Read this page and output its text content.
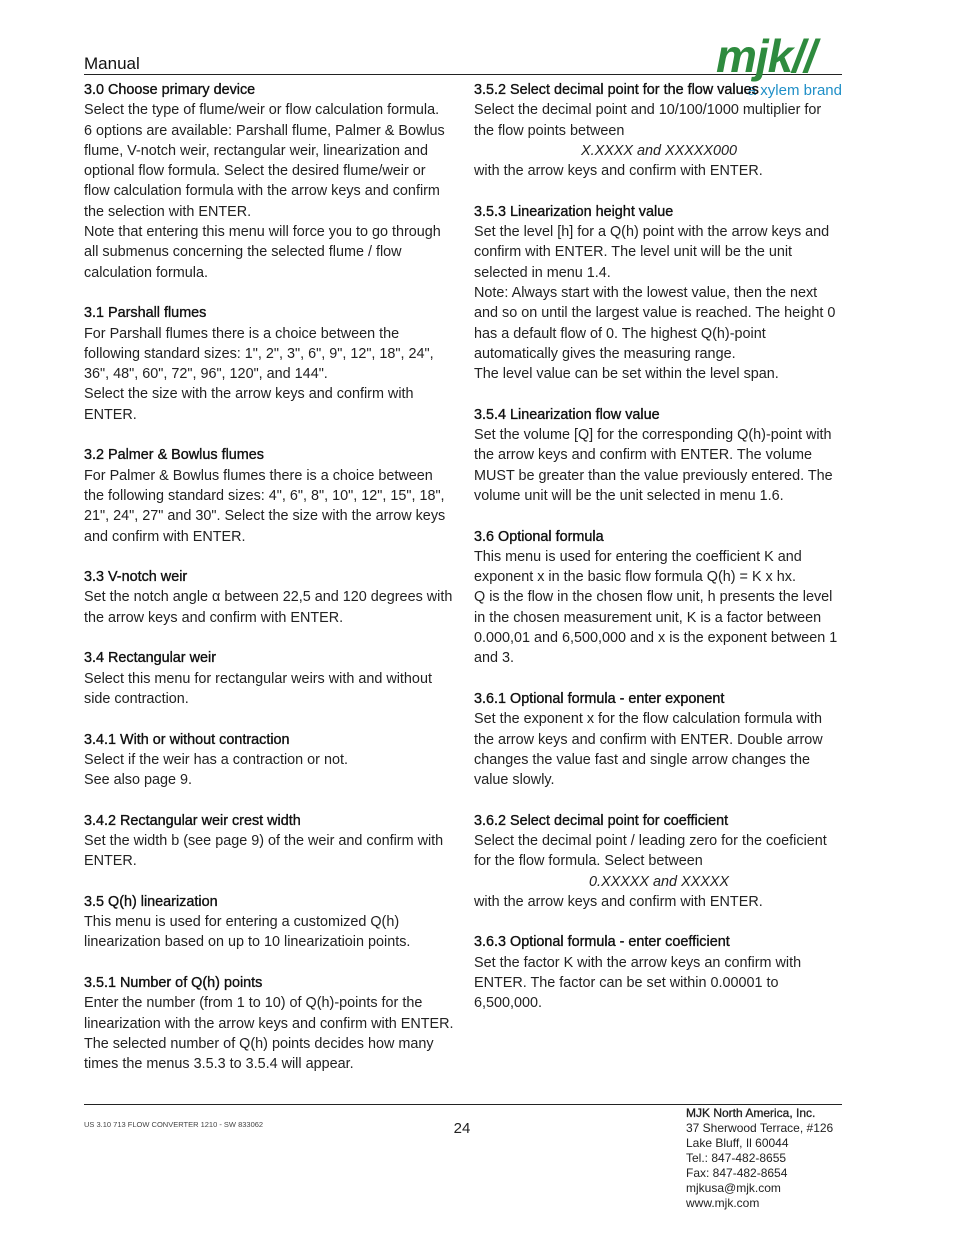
Manual	mjk//
a xylem brand
3.0 Choose primary device

Select the type of flume/weir or flow calculation formula.

6 options are available: Parshall flume, Palmer & Bowlus flume, V-notch weir, rectangular weir, linearization and optional flow formula. Select the desired flume/weir or flow calculation formula with the arrow keys and confirm the selection with ENTER.

Note that entering this menu will force you to go through all submenus concerning the selected flume / flow calculation formula.

3.1 Parshall flumes

For Parshall flumes there is a choice between the following standard sizes: 1", 2", 3", 6", 9", 12", 18", 24", 36", 48", 60", 72", 96", 120", and 144".

Select the size with the arrow keys and confirm with ENTER.

3.2 Palmer & Bowlus flumes

For Palmer & Bowlus flumes there is a choice between the following standard sizes: 4", 6", 8", 10", 12", 15", 18", 21", 24", 27" and 30". Select the size with the arrow keys and confirm with ENTER.

3.3 V-notch weir

Set the notch angle α between 22,5 and 120 degrees with the arrow keys and confirm with ENTER.

3.4 Rectangular weir

Select this menu for rectangular weirs with and without side contraction.

3.4.1 With or without contraction

Select if the weir has a contraction or not.

See also page 9.

3.4.2 Rectangular weir crest width

Set the width b (see page 9) of the weir and confirm with ENTER.

3.5 Q(h) linearization

This menu is used for entering a customized Q(h) linearization based on up to 10 linearizatioin points.

3.5.1 Number of Q(h) points

Enter the number (from 1 to 10) of Q(h)-points for the linearization with the arrow keys and confirm with ENTER.

The selected number of Q(h) points decides how many times the menus 3.5.3 to 3.5.4 will appear.

3.5.2 Select decimal point for the flow values

Select the decimal point and 10/100/1000 multiplier for the flow points between

X.XXXX and XXXXX000

with the arrow keys and confirm with ENTER.

3.5.3 Linearization height value

Set the level [h] for a Q(h) point with the arrow keys and confirm with ENTER. The level unit will be the unit selected in menu 1.4.

Note: Always start with the lowest value, then the next and so on until the largest value is reached. The height 0 has a default flow of 0. The highest Q(h)-point automatically gives the measuring range.

The level value can be set within the level span.

3.5.4 Linearization flow value

Set the volume [Q] for the corresponding Q(h)-point with the arrow keys and confirm with ENTER. The volume MUST be greater than the value previously entered. The volume unit will be the unit selected in menu 1.6.

3.6 Optional formula

This menu is used for entering the coefficient K and exponent x in the basic flow formula Q(h) = K x hx.

Q is the flow in the chosen flow unit, h presents the level in the chosen measurement unit, K is a factor between 0.000,01 and 6,500,000 and x is the exponent between 1 and 3.

3.6.1 Optional formula - enter exponent

Set the exponent x for the flow calculation formula with the arrow keys and confirm with ENTER. Double arrow changes the value fast and single arrow changes the value slowly.

3.6.2 Select decimal point for coefficient

Select the decimal point / leading zero for the coeficient for the flow formula. Select between

0.XXXXX and XXXXX

with the arrow keys and confirm with ENTER.

3.6.3 Optional formula - enter coefficient

Set the factor K with the arrow keys an confirm with ENTER. The factor can be set within 0.00001 to 6,500,000.

US 3.10 713 FLOW CONVERTER 1210 - SW 833062	24
MJK North America, Inc.
37 Sherwood Terrace, #126
Lake Bluff, Il 60044
Tel.: 847-482-8655
Fax: 847-482-8654
mjkusa@mjk.com
www.mjk.com
